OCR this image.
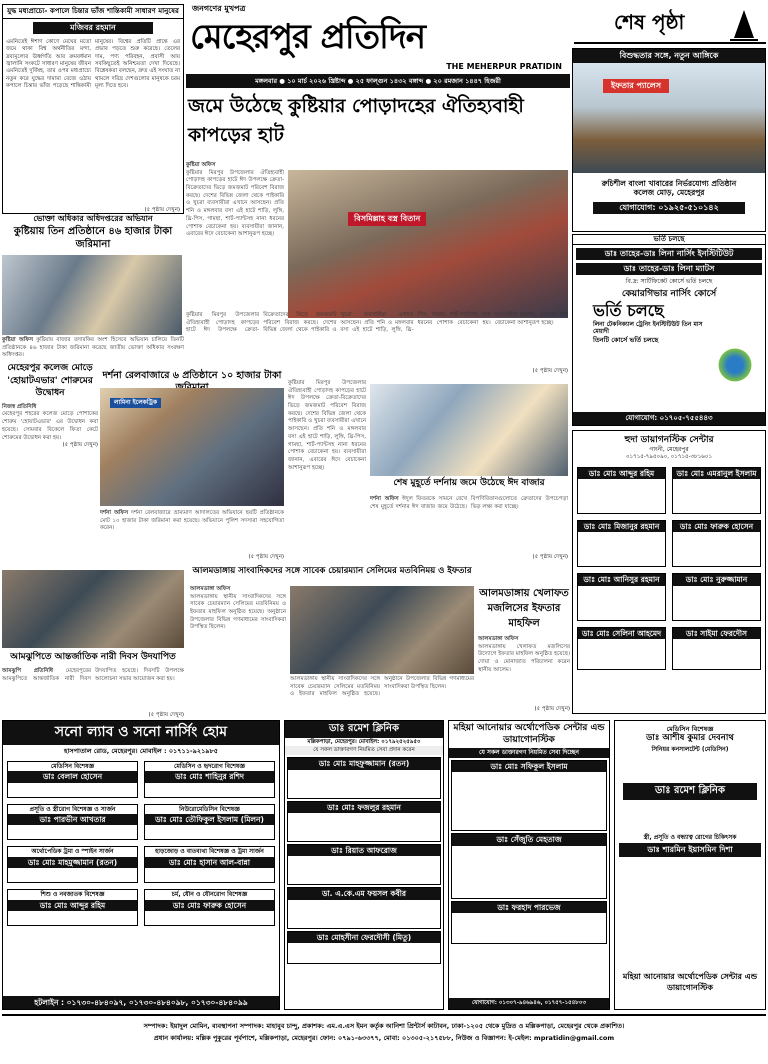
যুদ্ধ মধ্যপ্রাচ্যে- কপালে চিন্তার ভাঁজ শান্তিকামী সাধারণ মানুষের
মজিবর রহমান
এমনিতেই ঈশাণ কোণে মেঘের মতো জমে থাকা বিশ্ব অর্থনীতির মন্দা, দ্রব্যমূল্যের ঊর্ধ্বগতি আর ক্রমবর্ধমান জ্বালানি সংকটে সাধারণ মানুষের জীবন এমনিতেই দুর্বিষহ, তার ওপর মধ্যপ্রাচ্যে নতুন করে যুদ্ধের দামামা বেজে ওঠায় কপালে চিন্তার ভাঁজ পড়েছে শান্তিকামী মানুষের। বিশ্বের প্রতিটি প্রান্তে এর প্রভাব পড়তে শুরু করেছে। তেলের দাম, পণ্য পরিবহন, প্রবাসী আয় সবকিছুতেই অনিশ্চয়তা দেখা দিয়েছে। বিশ্লেষকরা বলছেন, দ্রুত এই সংঘাত না থামলে দরিদ্র দেশগুলোর মানুষকে চরম মূল্য দিতে হবে।
(৫ পৃষ্ঠায় দেখুন)
জনগণের মুখপত্র
মেহেরপুর প্রতিদিন
THE MEHERPUR PRATIDIN
মঙ্গলবার ● ১০ মার্চ ২০২৬ খ্রিষ্টাব্দ ● ২৫ ফাল্গুন ১৪৩২ বঙ্গাব্দ ● ২০ রমজান ১৪৪৭ হিজরী
শেষ পৃষ্ঠা
জমে উঠেছে কুষ্টিয়ার পোড়াদহের ঐতিহ্যবাহী কাপড়ের হাট
কুষ্টিয়া অফিস
কুষ্টিয়ার মিরপুর উপজেলার ঐতিহ্যবাহী পোড়াদহ কাপড়ের হাটে ঈদ উপলক্ষে ক্রেতা-বিক্রেতাদের ভিড়ে জমজমাট পরিবেশ বিরাজ করছে। দেশের বিভিন্ন জেলা থেকে পাইকারি ও খুচরা ব্যবসায়ীরা এখানে আসছেন। প্রতি শনি ও মঙ্গলবার বসা এই হাটে শাড়ি, লুঙ্গি, থ্রি-পিস, গামছা, শার্ট-প্যান্টসহ নানা ধরনের পোশাক বেচাকেনা হয়। ব্যবসায়ীরা জানান, এবারের ঈদে বেচাকেনা আশানুরূপ হচ্ছে।
বিসমিল্লাহ বস্ত্র বিতান
কুষ্টিয়ার মিরপুর উপজেলার ঐতিহ্যবাহী পোড়াদহ কাপড়ের হাটে ঈদ উপলক্ষে ক্রেতা-বিক্রেতাদের ভিড়ে জমজমাট পরিবেশ বিরাজ করছে। দেশের বিভিন্ন জেলা থেকে পাইকারি ও খুচরা ব্যবসায়ীরা এখানে আসছেন। প্রতি শনি ও মঙ্গলবার বসা এই হাটে শাড়ি, লুঙ্গি, থ্রি-পিস, গামছা, শার্ট-প্যান্টসহ নানা ধরনের পোশাক বেচাকেনা হয়। ব্যবসায়ীরা জানান, এবারের ঈদে বেচাকেনা আশানুরূপ হচ্ছে।
(৫ পৃষ্ঠায় দেখুন)
ভোক্তা অধিকার অধিদপ্তরের অভিযান
কুষ্টিয়ায় তিন প্রতিষ্ঠানে ৪৬ হাজার টাকা জরিমানা
কুষ্টিয়া অফিস কুষ্টিয়ায় বাজার তদারকির অংশ হিসেবে অভিযান চালিয়ে তিনটি প্রতিষ্ঠানকে ৪৬ হাজার টাকা জরিমানা করেছে জাতীয় ভোক্তা অধিকার সংরক্ষণ অধিদপ্তর।
মেহেরপুর কলেজ মোড়ে 'হোয়াটএভার' শোরুমের উদ্বোধন
নিজস্ব প্রতিনিধি
মেহেরপুর শহরের কলেজ মোড়ে পোশাকের শোরুম 'হোয়াটএভার' এর উদ্বোধন করা হয়েছে। সোমবার বিকেলে ফিতা কেটে শোরুমের উদ্বোধন করা হয়।
(৫ পৃষ্ঠায় দেখুন)
দর্শনা রেলবাজারে ৬ প্রতিষ্ঠানে ১০ হাজার টাকা
লামিনা ইলেকট্রিক
দর্শনা অফিস দর্শনা রেলবাজারে ভ্রাম্যমাণ আদালতের অভিযানে ছয়টি প্রতিষ্ঠানকে মোট ১০ হাজার টাকা জরিমানা করা হয়েছে। অভিযানে পুলিশ সদস্যরা সহযোগিতা করেন।
(৫ পৃষ্ঠায় দেখুন)
কুষ্টিয়ার মিরপুর উপজেলার ঐতিহ্যবাহী পোড়াদহ কাপড়ের হাটে ঈদ উপলক্ষে ক্রেতা-বিক্রেতাদের ভিড়ে জমজমাট পরিবেশ বিরাজ করছে। দেশের বিভিন্ন জেলা থেকে পাইকারি ও খুচরা ব্যবসায়ীরা এখানে আসছেন। প্রতি শনি ও মঙ্গলবার বসা এই হাটে শাড়ি, লুঙ্গি, থ্রি-পিস, গামছা, শার্ট-প্যান্টসহ নানা ধরনের পোশাক বেচাকেনা হয়। ব্যবসায়ীরা জানান, এবারের ঈদে বেচাকেনা আশানুরূপ হচ্ছে।
শেষ মুহূর্তে দর্শনায় জমে উঠেছে ঈদ বাজার
দর্শনা অফিস ঈদুল ফিতরকে সামনে রেখে শেষ মুহূর্তে দর্শনার ঈদ বাজার জমে উঠেছে। বিপণিবিতানগুলোতে ক্রেতাদের উপচেপড়া ভিড় লক্ষ্য করা যাচ্ছে।
(৫ পৃষ্ঠায় দেখুন)
আমঝুপিতে আন্তর্জাতিক নারী দিবস উদযাপিত
আমঝুপি প্রতিনিধি মেহেরপুরের আমঝুপিতে আন্তর্জাতিক নারী দিবস উদযাপিত হয়েছে। দিবসটি উপলক্ষে আলোচনা সভার আয়োজন করা হয়।
(৫ পৃষ্ঠায় দেখুন)
আলমডাঙ্গায় সাংবাদিকদের সঙ্গে সাবেক চেয়ারম্যান সেলিমের মতবিনিময় ও ইফতার
আলমডাঙ্গা অফিস
আলমডাঙ্গায় স্থানীয় সাংবাদিকদের সঙ্গে সাবেক চেয়ারম্যান সেলিমের মতবিনিময় ও ইফতার মাহফিল অনুষ্ঠিত হয়েছে। অনুষ্ঠানে উপজেলার বিভিন্ন গণমাধ্যমের সাংবাদিকরা উপস্থিত ছিলেন।
আলমডাঙ্গায় স্থানীয় সাংবাদিকদের সঙ্গে সাবেক চেয়ারম্যান সেলিমের মতবিনিময় ও ইফতার মাহফিল অনুষ্ঠিত হয়েছে। অনুষ্ঠানে উপজেলার বিভিন্ন গণমাধ্যমের সাংবাদিকরা উপস্থিত ছিলেন।
আলমডাঙ্গায় খেলাফত মজলিসের ইফতার মাহফিল
আলমডাঙ্গা অফিস
আলমডাঙ্গায় খেলাফত মজলিসের উদ্যোগে ইফতার মাহফিল অনুষ্ঠিত হয়েছে। দোয়া ও মোনাজাত পরিচালনা করেন স্থানীয় আলেম।
(৫ পৃষ্ঠায় দেখুন)
বিশুদ্ধতার সঙ্গে, নতুন আঙ্গিকে
ইফতার প্যালেস
রুচিশীল বাংলা খাবারের নির্ভরযোগ্য প্রতিষ্ঠান
কলেজ মোড়, মেহেরপুর
যোগাযোগ: ০১৯২৫-৫১০১৪২
ভর্তি চলছে
ডাঃ তাহের-ডাঃ লিনা নার্সিং ইনস্টিটিউট
ডাঃ তাহের-ডাঃ লিনা ম্যাটস
বি.দ্র: সার্টিফিকেট কোর্সে ভর্তি চলছে
কেয়ারগিভার নার্সিং কোর্সে
ভর্তি চলছে
লিনা টেকনিক্যাল ট্রেনিং ইনস্টিটিউট তিন মাস মেয়াদী
তিনটি কোর্সে ভর্তি চলছে
যোগাযোগ: ০১৭০৫-৭৫৫৪৪৩
হুদা ডায়াগনস্টিক সেন্টার
গাংনী, মেহেরপুর
০১৭১৫-৭৯৫০৯০, ০১৭১৫-৩৮১৬০১
ডাঃ মোঃ আব্দুর রহিম	ডাঃ মোঃ এমরানুল ইসলাম
ডাঃ মোঃ মিজানুর রহমান	ডাঃ মোঃ ফারুক হোসেন
ডাঃ মোঃ আনিসুর রহমান	ডাঃ মোঃ নুরুজ্জামান
ডাঃ মোঃ সেলিনা আহমেদ	ডাঃ সাইমা ফেরদৌস
সনো ল্যাব ও সনো নার্সিং হোম
হাসপাতাল রোড, মেহেরপুর। মোবাইল : ০১৭১১-৯২১৯৮৫
মেডিসিন বিশেষজ্ঞ
ডাঃ বেলাল হোসেন
মেডিসিন ও হৃদরোগ বিশেষজ্ঞ
ডাঃ মোঃ শাহিনুর রশিদ
প্রসূতি ও স্ত্রীরোগ বিশেষজ্ঞ ও সার্জন
ডাঃ পারভীন আখতার
নিউরোমেডিসিন বিশেষজ্ঞ
ডাঃ মোঃ তৌফিকুল ইসলাম (মিলন)
অর্থোপেডিক ট্রমা ও স্পাইন সার্জন
ডাঃ মোঃ মাহমুজ্জামান (রতন)
হাড়জোড় ও বাতব্যথা বিশেষজ্ঞ ও ট্রমা সার্জন
ডাঃ মোঃ হাসান আল-বান্না
শিশু ও নবজাতক বিশেষজ্ঞ
ডাঃ মোঃ আব্দুর রহিম
চর্ম, যৌন ও যৌনরোগ বিশেষজ্ঞ
ডাঃ মোঃ ফারুক হোসেন
হটলাইন : ০১৭৩০-৪৮৪০৯৭, ০১৭৩০-৪৮৪০৯৮, ০১৭৩০-৪৮৪০৯৯
ডাঃ রমেশ ক্লিনিক
মল্লিকপাড়া, মেহেরপুর। মোবাইল: ০১৭৯২৫২৫৯৫০
যে সকল ডাক্তারগণ নিয়মিত সেবা প্রদান করেন
ডাঃ মোঃ মাহফুজ্জামান (রতন)
ডাঃ মোঃ ফজলুর রহমান
ডাঃ রিয়াত আফরোজ
ডা. এ.কে.এম ফয়সল কবীর
ডাঃ মোহসীনা ফেরদৌসী (মিতু)
মহিয়া আনোয়ার অর্থোপেডিক সেন্টার এন্ড ডায়াগোনস্টিক
যে সকল ডাক্তারগণ নিয়মিত সেবা দিচ্ছেন
ডাঃ মোঃ সফিকুল ইসলাম
ডাঃ সেঁজুতি মেহতাজ
ডাঃ ফরহাদ পারভেজ
যোগাযোগ: ০১৩০৭-৯৪৬৯৪৬, ০১৭৫৭-১৫৪৮০৩
মেডিসিন বিশেষজ্ঞ
ডাঃ আশীষ কুমার দেবনাথ
সিনিয়র কনসালটেন্ট (মেডিসিন)
ডাঃ রমেশ ক্লিনিক
স্ত্রী, প্রসূতি ও বন্ধ্যাত্ব রোগের চিকিৎসক
ডাঃ শারমিন ইয়াসমিন দিশা
মহিয়া আনোয়ার অর্থোপেডিক সেন্টার এন্ড ডায়াগোনস্টিক
সম্পাদক: ইয়াদুল মোমিন, ব্যবস্থাপনা সম্পাদক: মাহাবুব চান্দু, প্রকাশক: এম.এ.এস ইমন কর্তৃক আনিশা প্রিন্টার্স কাটাবন, ঢাকা-১২০৫ থেকে মুদ্রিত ও মল্লিকপাড়া, মেহেরপুর থেকে প্রকাশিত।
প্রধান কার্যালয়: মল্লিক পুকুরের পূর্বপাশে, মল্লিকপাড়া, মেহেরপুর। ফোন: ০৭৯১-৬৩৩৭৭, মোবা: ০১৩০৫-২১৭৫৮৮, নিউজ ও বিজ্ঞাপন: ই-মেইল: mpratidin@gmail.com
